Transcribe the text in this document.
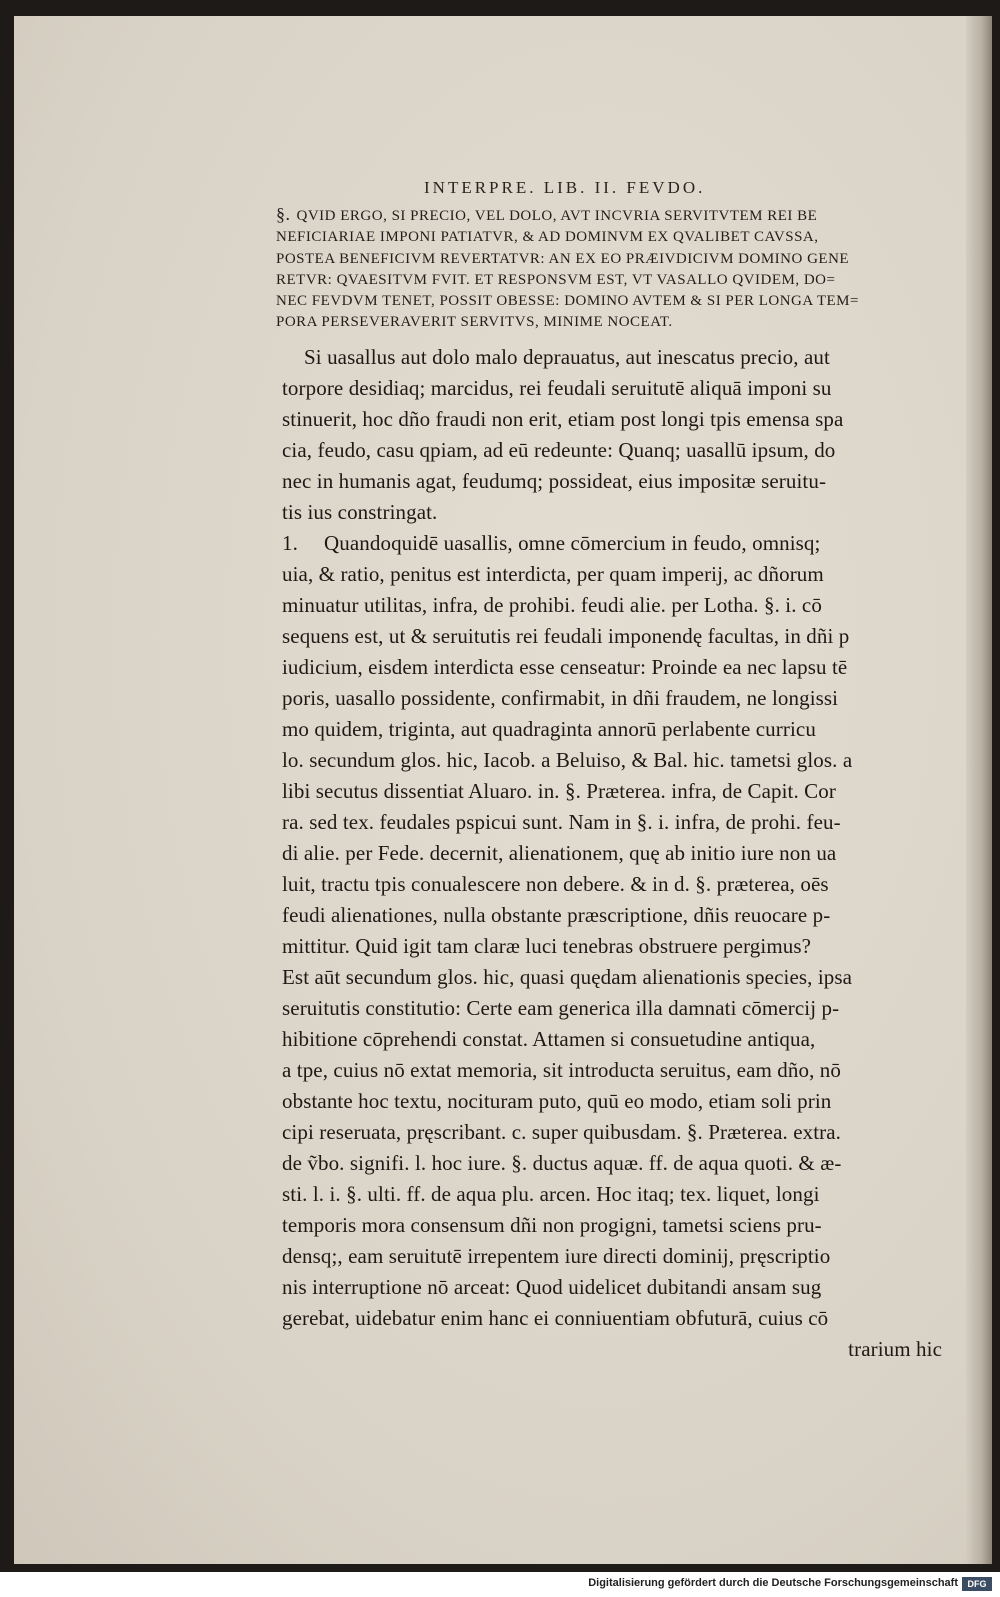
INTERPRE. LIB. II. FEVDO.
§. QVID ERGO, SI PRECIO, VEL DOLO, AVT INCVRIA SERVITVTEM REI BE
NEFICIARIAE IMPONI PATIATVR, & AD DOMINVM EX QVALIBET CAVSSA,
POSTEA BENEFICIVM REVERTATVR: AN EX EO PRÆIVDICIVM DOMINO GENE
RETVR: QVAESITVM FVIT. ET RESPONSVM EST, VT VASALLO QVIDEM, DO=
NEC FEVDVM TENET, POSSIT OBESSE: DOMINO AVTEM & SI PER LONGA TEM=
PORA PERSEVERAVERIT SERVITVS, MINIME NOCEAT.
Si uasallus aut dolo malo deprauatus, aut inescatus precio, aut
torpore desidiaq; marcidus, rei feudali seruitutē aliquā imponi su
stinuerit, hoc dño fraudi non erit, etiam post longi tpis emensa spa
cia, feudo, casu qpiam, ad eū redeunte: Quanq; uasallū ipsum, do
nec in humanis agat, feudumq; possideat, eius impositæ seruitu-
tis ius constringat.
1. Quandoquidē uasallis, omne cōmercium in feudo, omnisq;
uia, & ratio, penitus est interdicta, per quam imperij, ac dñorum
minuatur utilitas, infra, de prohibi. feudi alie. per Lotha. §. i. cō
sequens est, ut & seruitutis rei feudali imponendę facultas, in dñi p
iudicium, eisdem interdicta esse censeatur: Proinde ea nec lapsu tē
poris, uasallo possidente, confirmabit, in dñi fraudem, ne longissi
mo quidem, triginta, aut quadraginta annorū perlabente curricu
lo. secundum glos. hic, Iacob. a Beluiso, & Bal. hic. tametsi glos. a
libi secutus dissentiat Aluaro. in. §. Præterea. infra, de Capit. Cor
ra. sed tex. feudales pspicui sunt. Nam in §. i. infra, de prohi. feu-
di alie. per Fede. decernit, alienationem, quę ab initio iure non ua
luit, tractu tpis conualescere non debere. & in d. §. præterea, oēs
feudi alienationes, nulla obstante præscriptione, dñis reuocare p-
mittitur. Quid igit tam claræ luci tenebras obstruere pergimus?
Est aūt secundum glos. hic, quasi quędam alienationis species, ipsa
seruitutis constitutio: Certe eam generica illa damnati cōmercij p-
hibitione cōprehendi constat. Attamen si consuetudine antiqua,
a tpe, cuius nō extat memoria, sit introducta seruitus, eam dño, nō
obstante hoc textu, nocituram puto, quū eo modo, etiam soli prin
cipi reseruata, pręscribant. c. super quibusdam. §. Præterea. extra.
de ṽbo. signifi. l. hoc iure. §. ductus aquæ. ff. de aqua quoti. & æ-
sti. l. i. §. ulti. ff. de aqua plu. arcen. Hoc itaq; tex. liquet, longi
temporis mora consensum dñi non progigni, tametsi sciens pru-
densq;, eam seruitutē irrepentem iure directi dominij, pręscriptio
nis interruptione nō arceat: Quod uidelicet dubitandi ansam sug
gerebat, uidebatur enim hanc ei conniuentiam obfuturā, cuius cō
trarium hic
Digitalisierung gefördert durch die Deutsche Forschungsgemeinschaft	DFG
